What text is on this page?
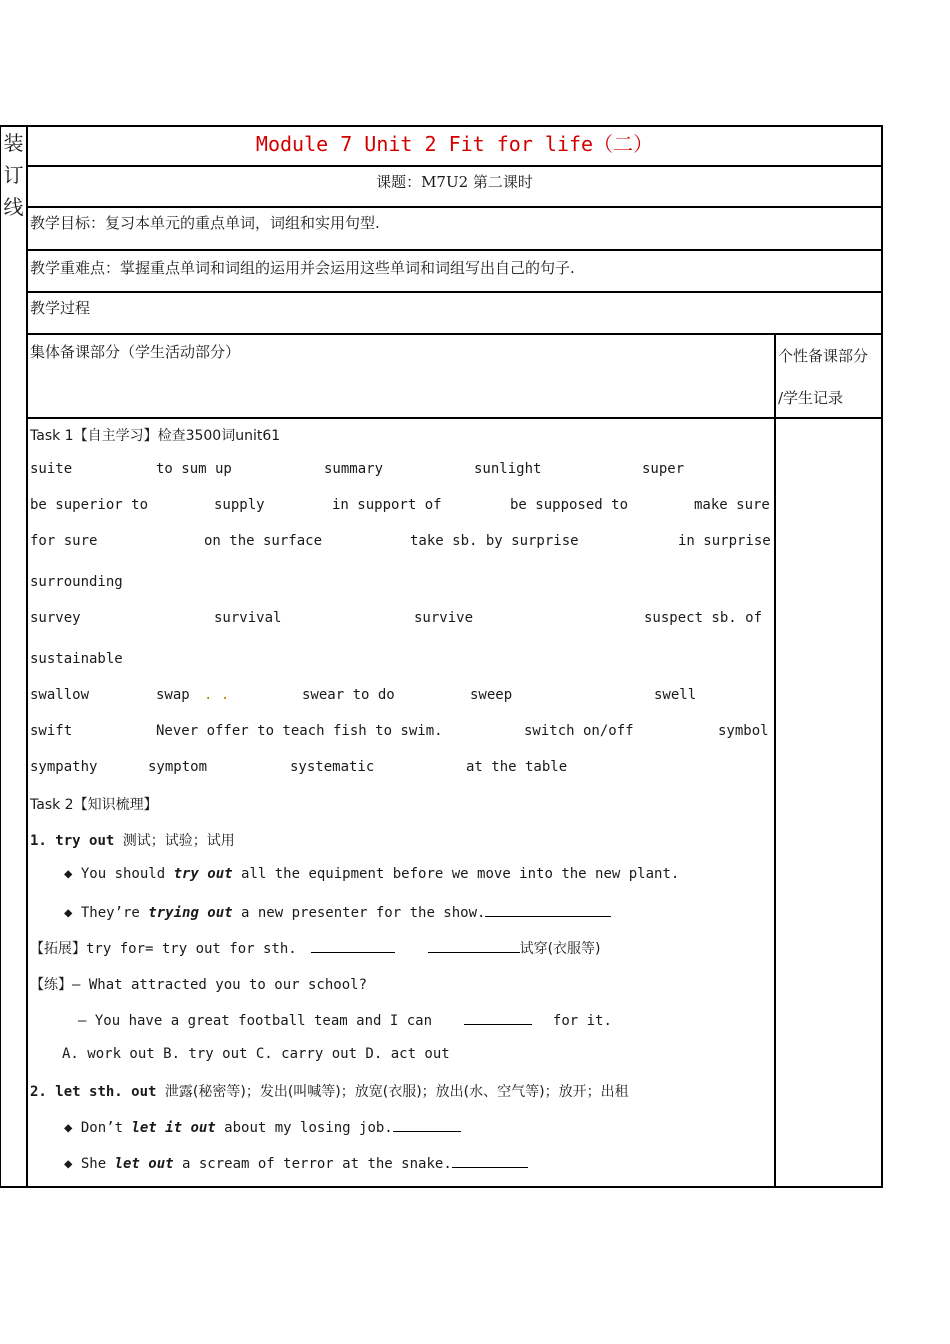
装
订
线
Module 7 Unit 2 Fit for life（二）
课题：M7U2 第二课时
教学目标：复习本单元的重点单词，词组和实用句型.
教学重难点：掌握重点单词和词组的运用并会运用这些单词和词组写出自己的句子.
教学过程
集体备课部分（学生活动部分）	个性备课部分
/学生记录
Task 1【自主学习】检查3500词unit61
suite	to sum up	summary	sunlight	super
be superior to	supply	in support of	be supposed to	make sure
for sure	on the surface	take sb. by surprise	in surprise
surrounding
survey	survival	survive	suspect sb. of
sustainable
swallow	swap . .	swear to do	sweep	swell
swift	Never offer to teach fish to swim.	switch on/off	symbol
sympathy	symptom	systematic	at the table
Task 2【知识梳理】
1. try out 测试；试验；试用
◆ You should try out all the equipment before we move into the new plant.
◆ They’re trying out a new presenter for the show.
【拓展】try for= try out for sth.	试穿(衣服等)
【练】— What attracted you to our school?
— You have a great football team and I can	for it.
A. work out B. try out C. carry out D. act out
2. let sth. out 泄露(秘密等)；发出(叫喊等)；放宽(衣服)；放出(水、空气等)；放开；出租
◆ Don’t let it out about my losing job.
◆ She let out a scream of terror at the snake.
